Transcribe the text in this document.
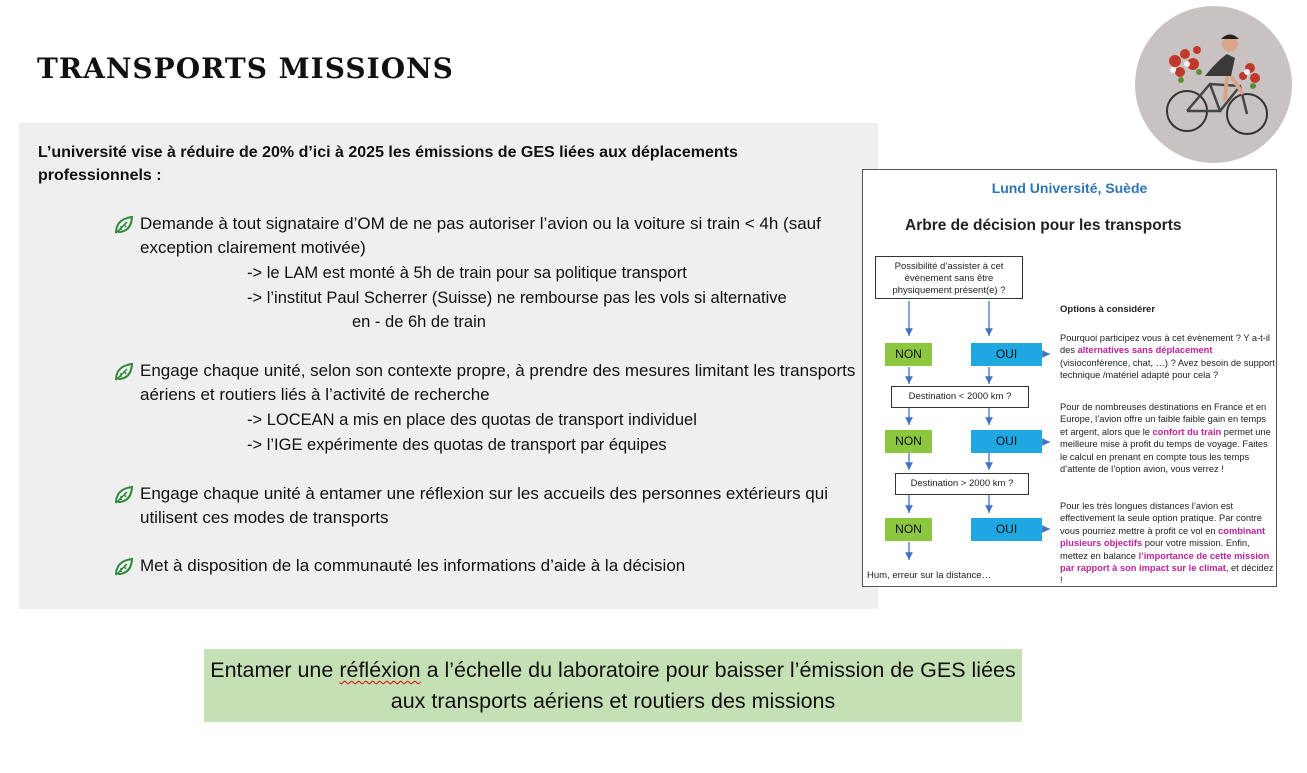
TRANSPORTS MISSIONS
L’université vise à réduire de 20% d’ici à 2025 les émissions de GES liées aux déplacements professionnels :
Demande à tout signataire d’OM de ne pas autoriser l’avion ou la voiture si train < 4h (sauf exception clairement motivée)
-> le LAM est monté à 5h de train pour sa politique transport
-> l’institut Paul Scherrer (Suisse) ne rembourse pas les vols si alternative
en - de 6h de train
Engage chaque unité, selon son contexte propre, à prendre des mesures limitant les transports aériens et routiers liés à l’activité de recherche
-> LOCEAN a mis en place des quotas de transport individuel
-> l’IGE expérimente des quotas de transport par équipes
Engage chaque unité à entamer une réflexion sur les accueils des personnes extérieurs qui utilisent ces modes de transports
Met à disposition de la communauté les informations d’aide à la décision
Lund Université, Suède
Arbre de décision pour les transports
Possibilité d’assister à cet évènement sans être physiquement présent(e) ?
NON	OUI
Destination < 2000 km ?
NON	OUI
Destination > 2000 km ?
NON	OUI
Options à considérer
Pourquoi participez vous à cet évènement ? Y a-t-il des alternatives sans déplacement (visioconférence, chat, …) ? Avez besoin de support technique /matériel adapté pour cela ?
Pour de nombreuses destinations en France et en Europe, l’avion offre un faible faible gain en temps et argent, alors que le confort du train permet une meilleure mise à profit du temps de voyage. Faites le calcul en prenant en compte tous les temps d’attente de l’option avion, vous verrez !
Pour les très longues distances l’avion est effectivement la seule option pratique. Par contre vous pourriez mettre à profit ce vol en combinant plusieurs objectifs pour votre mission. Enfin, mettez en balance l’importance de cette mission par rapport à son impact sur le climat, et décidez !
Hum, erreur sur la distance…
Entamer une réfléxion a l’échelle du laboratoire pour baisser l’émission de GES liées aux transports aériens et routiers des missions
